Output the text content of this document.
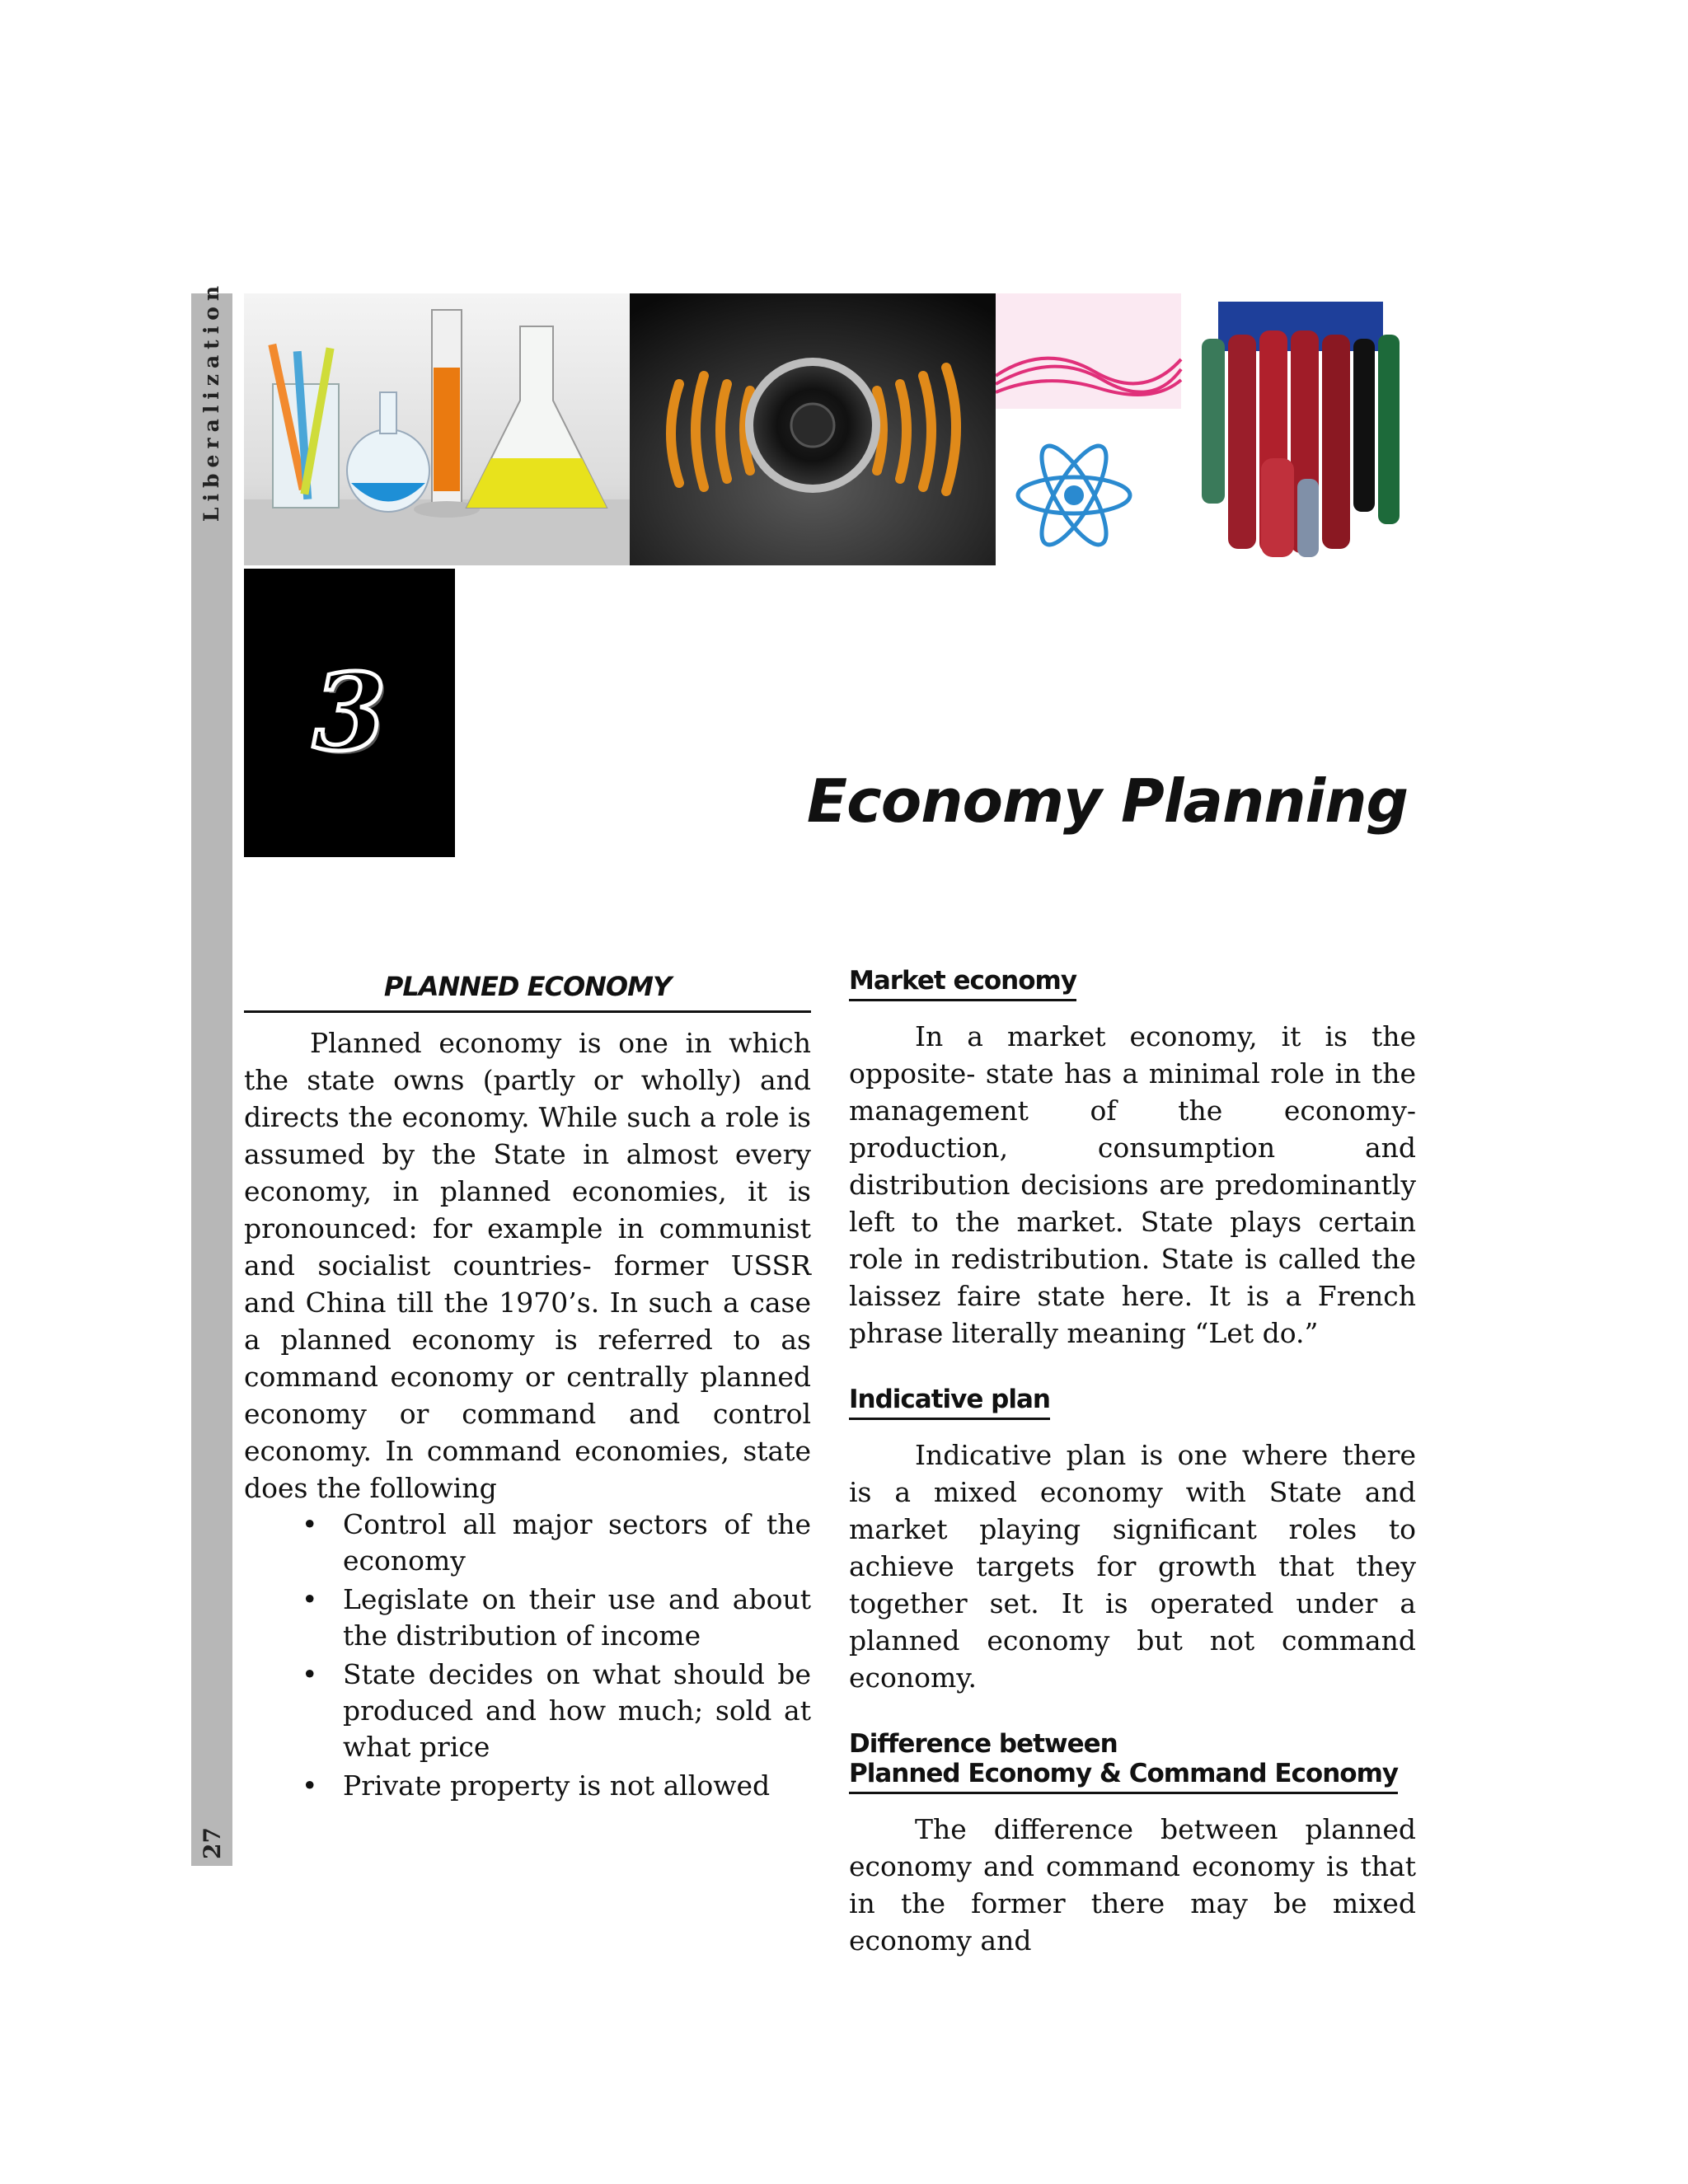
Liberalization
27
3
Economy Planning
PLANNED ECONOMY

Planned economy is one in which the state owns (partly or wholly) and directs the economy. While such a role is assumed by the State in almost every economy, in planned economies, it is pronounced: for example in communist and socialist countries- former USSR and China till the 1970’s. In such a case a planned economy is referred to as command economy or centrally planned economy or command and control economy. In command economies, state does the following

• Control all major sectors of the economy
• Legislate on their use and about the distribution of income
• State decides on what should be produced and how much; sold at what price
• Private property is not allowed
Market economy

In a market economy, it is the opposite- state has a minimal role in the management of the economy- production, consumption and distribution decisions are predominantly left to the market. State plays certain role in redistribution. State is called the laissez faire state here. It is a French phrase literally meaning “Let do.”

Indicative plan

Indicative plan is one where there is a mixed economy with State and market playing significant roles to achieve targets for growth that they together set. It is operated under a planned economy but not command economy.

Difference between
Planned Economy & Command Economy

The difference between planned economy and command economy is that in the former there may be mixed economy and
